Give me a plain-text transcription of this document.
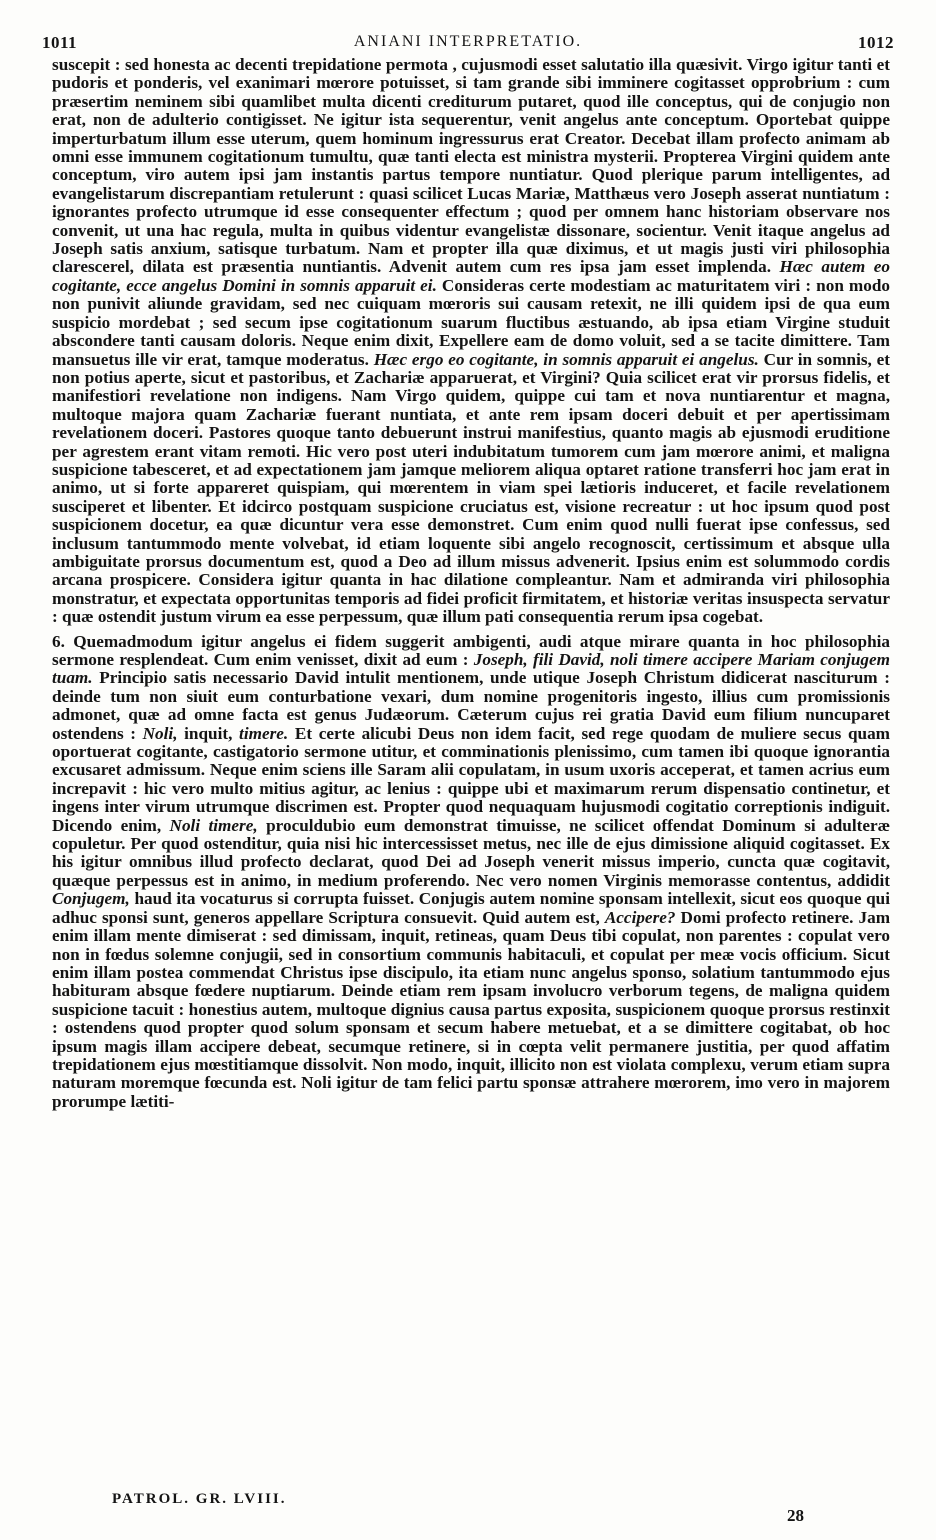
1011	ANIANI INTERPRETATIO.	1012

suscepit : sed honesta ac decenti trepidatione permota , cujusmodi esset salutatio illa quæsivit. Virgo igitur tanti et pudoris et ponderis, vel exanimari mœrore potuisset, si tam grande sibi imminere cogitasset opprobrium : cum præsertim neminem sibi quamlibet multa dicenti crediturum putaret, quod ille conceptus, qui de conjugio non erat, non de adulterio contigisset. Ne igitur ista sequerentur, venit angelus ante conceptum. Oportebat quippe imperturbatum illum esse uterum, quem hominum ingressurus erat Creator. Decebat illam profecto animam ab omni esse immunem cogitationum tumultu, quæ tanti electa est ministra mysterii. Propterea Virgini quidem ante conceptum, viro autem ipsi jam instantis partus tempore nuntiatur. Quod plerique parum intelligentes, ad evangelistarum discrepantiam retulerunt : quasi scilicet Lucas Mariæ, Matthæus vero Joseph asserat nuntiatum : ignorantes profecto utrumque id esse consequenter effectum ; quod per omnem hanc historiam observare nos convenit, ut una hac regula, multa in quibus videntur evangelistæ dissonare, socientur. Venit itaque angelus ad Joseph satis anxium, satisque turbatum. Nam et propter illa quæ diximus, et ut magis justi viri philosophia clarescerel, dilata est præsentia nuntiantis. Advenit autem cum res ipsa jam esset implenda. Hæc autem eo cogitante, ecce angelus Domini in somnis apparuit ei. Consideras certe modestiam ac maturitatem viri : non modo non punivit aliunde gravidam, sed nec cuiquam mœroris sui causam retexit, ne illi quidem ipsi de qua eum suspicio mordebat ; sed secum ipse cogitationum suarum fluctibus æstuando, ab ipsa etiam Virgine studuit abscondere tanti causam doloris. Neque enim dixit, Expellere eam de domo voluit, sed a se tacite dimittere. Tam mansuetus ille vir erat, tamque moderatus. Hæc ergo eo cogitante, in somnis apparuit ei angelus. Cur in somnis, et non potius aperte, sicut et pastoribus, et Zachariæ apparuerat, et Virgini? Quia scilicet erat vir prorsus fidelis, et manifestiori revelatione non indigens. Nam Virgo quidem, quippe cui tam et nova nuntiarentur et magna, multoque majora quam Zachariæ fuerant nuntiata, et ante rem ipsam doceri debuit et per apertissimam revelationem doceri. Pastores quoque tanto debuerunt instrui manifestius, quanto magis ab ejusmodi eruditione per agrestem erant vitam remoti. Hic vero post uteri indubitatum tumorem cum jam mœrore animi, et maligna suspicione tabesceret, et ad expectationem jam jamque meliorem aliqua optaret ratione transferri hoc jam erat in animo, ut si forte appareret quispiam, qui mœrentem in viam spei lætioris induceret, et facile revelationem susciperet et libenter. Et idcirco postquam suspicione cruciatus est, visione recreatur : ut hoc ipsum quod post suspicionem docetur, ea quæ dicuntur vera esse demonstret. Cum enim quod nulli fuerat ipse confessus, sed inclusum tantummodo mente volvebat, id etiam loquente sibi angelo recognoscit, certissimum et absque ulla ambiguitate prorsus documentum est, quod a Deo ad illum missus advenerit. Ipsius enim est solummodo cordis arcana prospicere. Considera igitur quanta in hac dilatione compleantur. Nam et admiranda viri philosophia monstratur, et expectata opportunitas temporis ad fidei proficit firmitatem, et historiæ veritas insuspecta servatur : quæ ostendit justum virum ea esse perpessum, quæ illum pati consequentia rerum ipsa cogebat.

6. Quemadmodum igitur angelus ei fidem suggerit ambigenti, audi atque mirare quanta in hoc philosophia sermone resplendeat. Cum enim venisset, dixit ad eum : Joseph, fili David, noli timere accipere Mariam conjugem tuam. Principio satis necessario David intulit mentionem, unde utique Joseph Christum didicerat nasciturum : deinde tum non siuit eum conturbatione vexari, dum nomine progenitoris ingesto, illius cum promissionis admonet, quæ ad omne facta est genus Judæorum. Cæterum cujus rei gratia David eum filium nuncuparet ostendens : Noli, inquit, timere. Et certe alicubi Deus non idem facit, sed rege quodam de muliere secus quam oportuerat cogitante, castigatorio sermone utitur, et comminationis plenissimo, cum tamen ibi quoque ignorantia excusaret admissum. Neque enim sciens ille Saram alii copulatam, in usum uxoris acceperat, et tamen acrius eum increpavit : hic vero multo mitius agitur, ac lenius : quippe ubi et maximarum rerum dispensatio continetur, et ingens inter virum utrumque discrimen est. Propter quod nequaquam hujusmodi cogitatio correptionis indiguit. Dicendo enim, Noli timere, proculdubio eum demonstrat timuisse, ne scilicet offendat Dominum si adulteræ copuletur. Per quod ostenditur, quia nisi hic intercessisset metus, nec ille de ejus dimissione aliquid cogitasset. Ex his igitur omnibus illud profecto declarat, quod Dei ad Joseph venerit missus imperio, cuncta quæ cogitavit, quæque perpessus est in animo, in medium proferendo. Nec vero nomen Virginis memorasse contentus, addidit Conjugem, haud ita vocaturus si corrupta fuisset. Conjugis autem nomine sponsam intellexit, sicut eos quoque qui adhuc sponsi sunt, generos appellare Scriptura consuevit. Quid autem est, Accipere? Domi profecto retinere. Jam enim illam mente dimiserat : sed dimissam, inquit, retineas, quam Deus tibi copulat, non parentes : copulat vero non in fœdus solemne conjugii, sed in consortium communis habitaculi, et copulat per meæ vocis officium. Sicut enim illam postea commendat Christus ipse discipulo, ita etiam nunc angelus sponso, solatium tantummodo ejus habituram absque fœdere nuptiarum. Deinde etiam rem ipsam involucro verborum tegens, de maligna quidem suspicione tacuit : honestius autem, multoque dignius causa partus exposita, suspicionem quoque prorsus restinxit : ostendens quod propter quod solum sponsam et secum habere metuebat, et a se dimittere cogitabat, ob hoc ipsum magis illam accipere debeat, secumque retinere, si in cœpta velit permanere justitia, per quod affatim trepidationem ejus mœstitiamque dissolvit. Non modo, inquit, illicito non est violata complexu, verum etiam supra naturam moremque fœcunda est. Noli igitur de tam felici partu sponsæ attrahere mœrorem, imo vero in majorem prorumpe lætiti-

PATROL. GR. LVIII.
28
